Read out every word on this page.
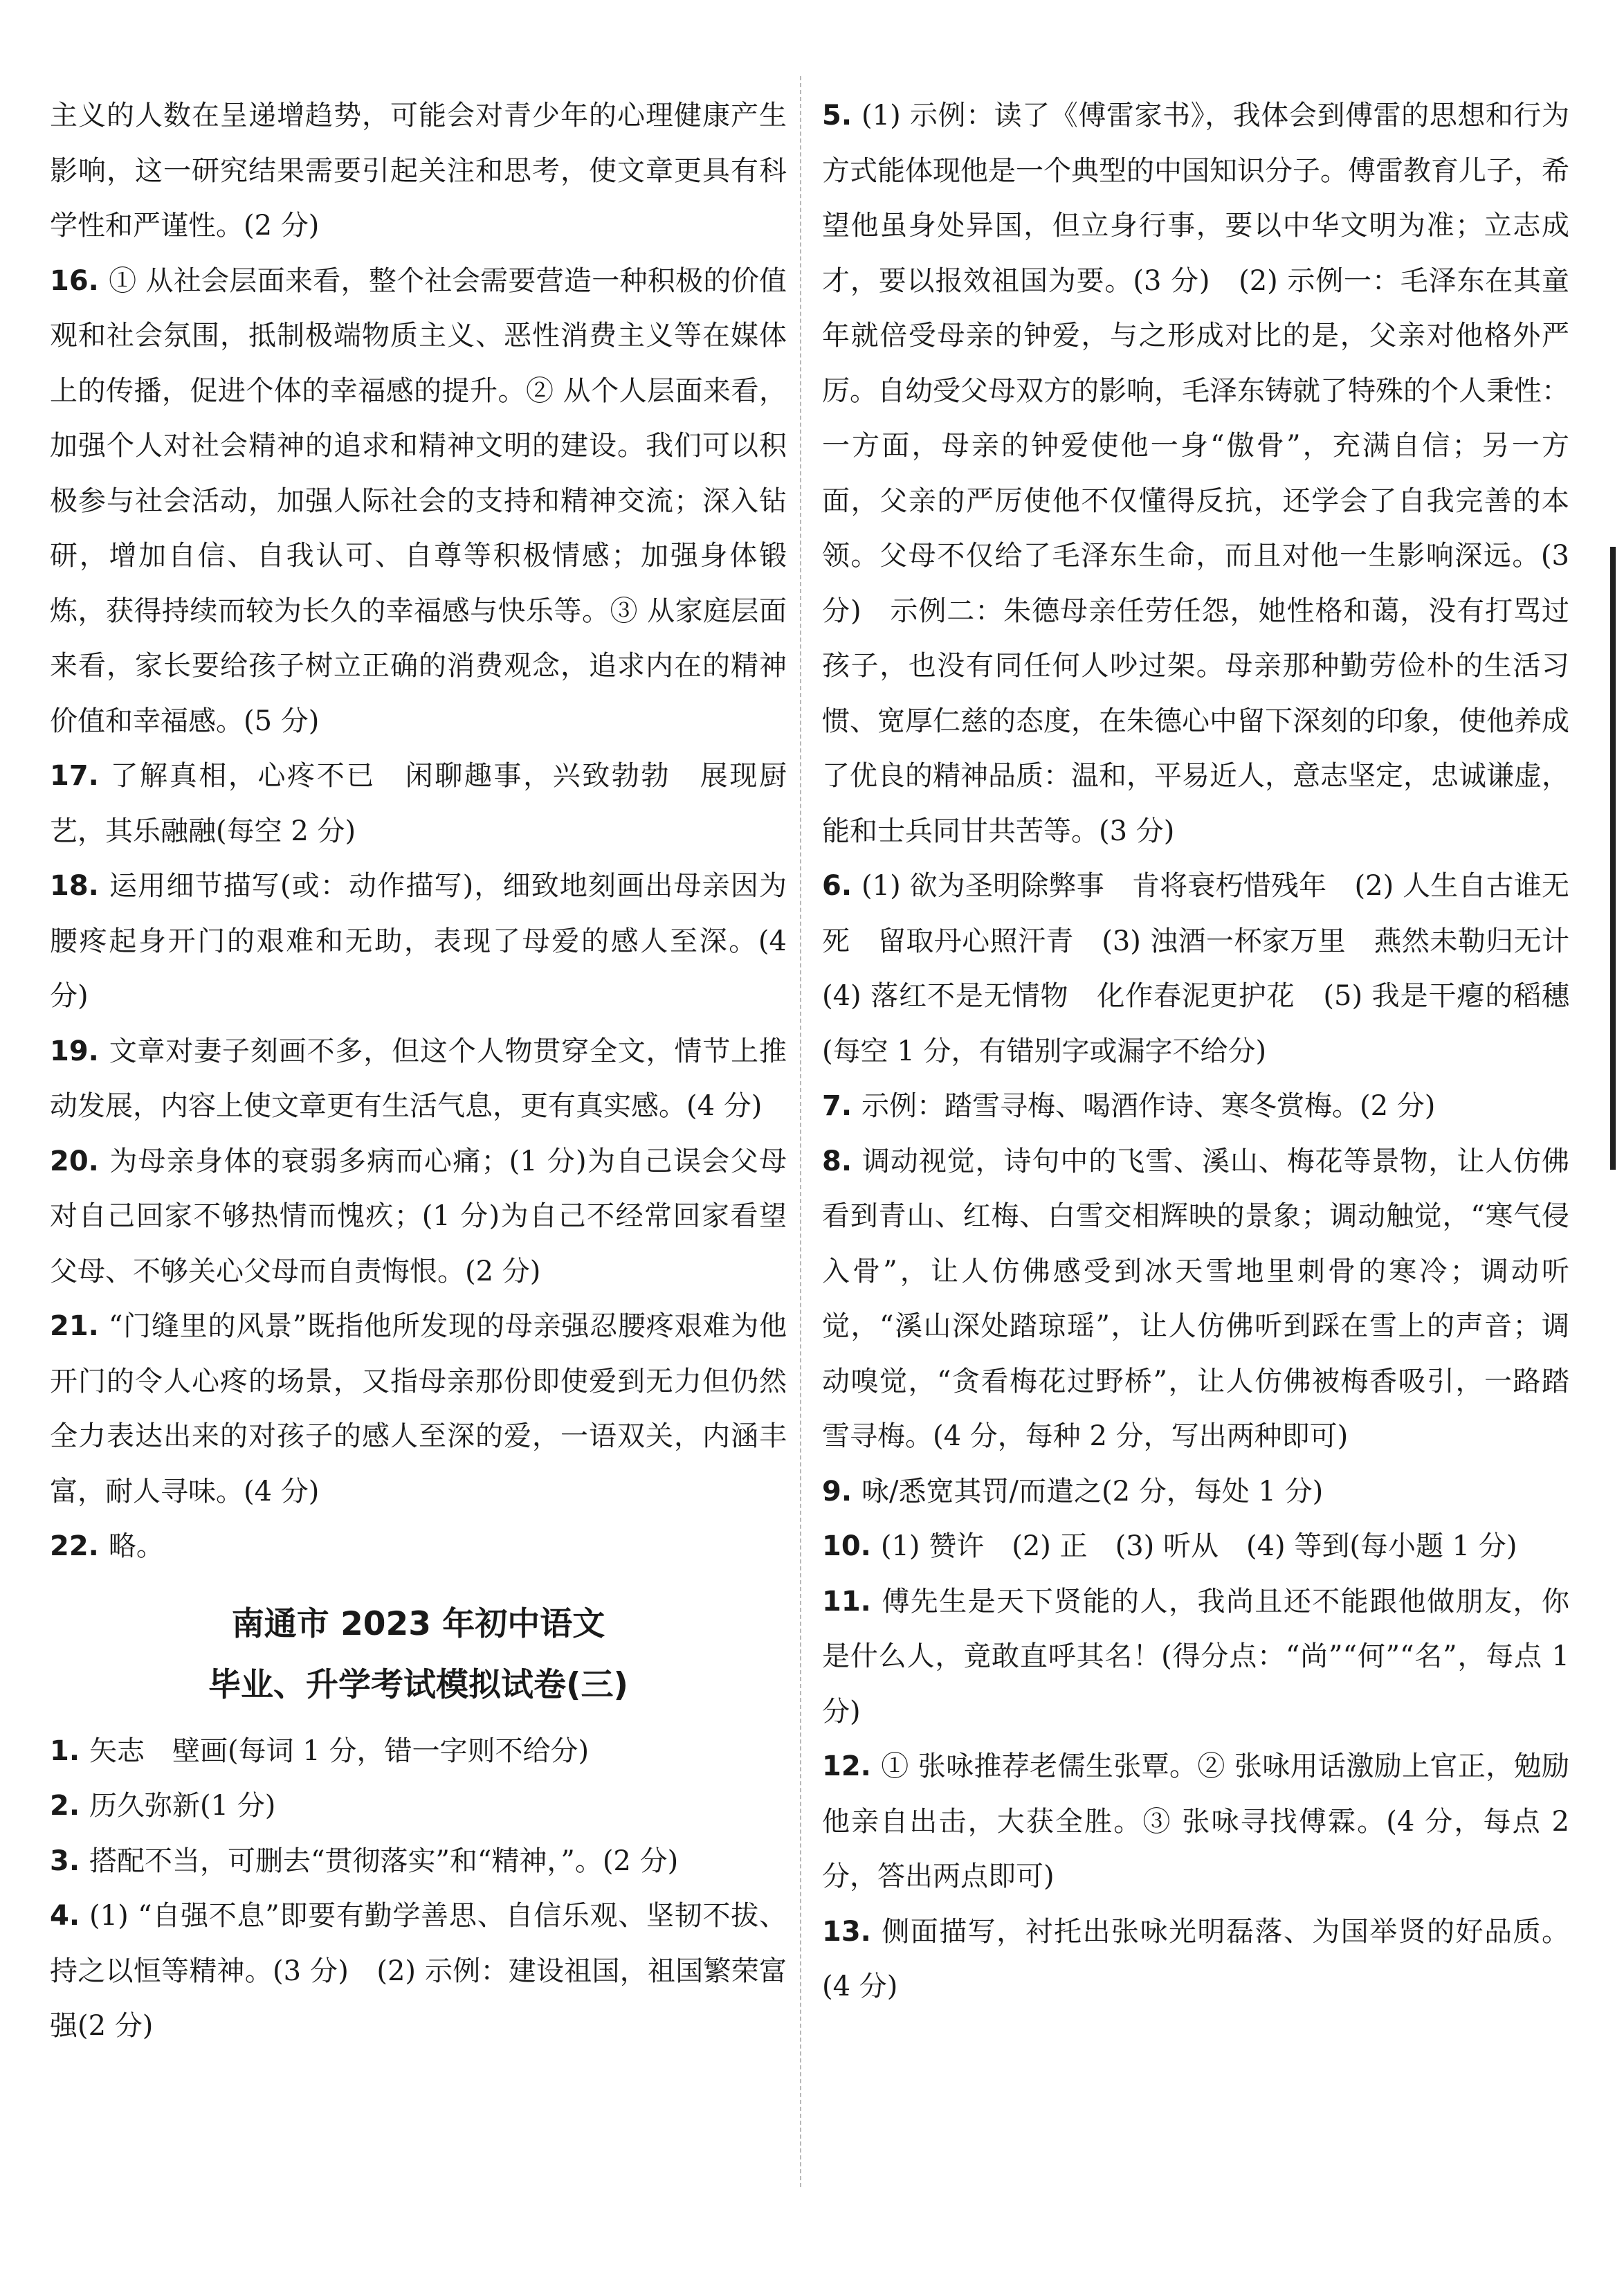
主义的人数在呈递增趋势，可能会对青少年的心理健康产生影响，这一研究结果需要引起关注和思考，使文章更具有科学性和严谨性。(2 分)

16. ① 从社会层面来看，整个社会需要营造一种积极的价值观和社会氛围，抵制极端物质主义、恶性消费主义等在媒体上的传播，促进个体的幸福感的提升。② 从个人层面来看，加强个人对社会精神的追求和精神文明的建设。我们可以积极参与社会活动，加强人际社会的支持和精神交流；深入钻研，增加自信、自我认可、自尊等积极情感；加强身体锻炼，获得持续而较为长久的幸福感与快乐等。③ 从家庭层面来看，家长要给孩子树立正确的消费观念，追求内在的精神价值和幸福感。(5 分)

17. 了解真相，心疼不已　闲聊趣事，兴致勃勃　展现厨艺，其乐融融(每空 2 分)

18. 运用细节描写(或：动作描写)，细致地刻画出母亲因为腰疼起身开门的艰难和无助，表现了母爱的感人至深。(4 分)

19. 文章对妻子刻画不多，但这个人物贯穿全文，情节上推动发展，内容上使文章更有生活气息，更有真实感。(4 分)

20. 为母亲身体的衰弱多病而心痛；(1 分)为自己误会父母对自己回家不够热情而愧疚；(1 分)为自己不经常回家看望父母、不够关心父母而自责悔恨。(2 分)

21. “门缝里的风景”既指他所发现的母亲强忍腰疼艰难为他开门的令人心疼的场景，又指母亲那份即使爱到无力但仍然全力表达出来的对孩子的感人至深的爱，一语双关，内涵丰富，耐人寻味。(4 分)

22. 略。

南通市 2023 年初中语文

毕业、升学考试模拟试卷(三)

1. 矢志　壁画(每词 1 分，错一字则不给分)

2. 历久弥新(1 分)

3. 搭配不当，可删去“贯彻落实”和“精神，”。(2 分)

4. (1) “自强不息”即要有勤学善思、自信乐观、坚韧不拔、持之以恒等精神。(3 分)　(2) 示例：建设祖国，祖国繁荣富强(2 分)

5. (1) 示例：读了《傅雷家书》，我体会到傅雷的思想和行为方式能体现他是一个典型的中国知识分子。傅雷教育儿子，希望他虽身处异国，但立身行事，要以中华文明为准；立志成才，要以报效祖国为要。(3 分)　(2) 示例一：毛泽东在其童年就倍受母亲的钟爱，与之形成对比的是，父亲对他格外严厉。自幼受父母双方的影响，毛泽东铸就了特殊的个人秉性：一方面，母亲的钟爱使他一身“傲骨”，充满自信；另一方面，父亲的严厉使他不仅懂得反抗，还学会了自我完善的本领。父母不仅给了毛泽东生命，而且对他一生影响深远。(3 分)　示例二：朱德母亲任劳任怨，她性格和蔼，没有打骂过孩子，也没有同任何人吵过架。母亲那种勤劳俭朴的生活习惯、宽厚仁慈的态度，在朱德心中留下深刻的印象，使他养成了优良的精神品质：温和，平易近人，意志坚定，忠诚谦虚，能和士兵同甘共苦等。(3 分)

6. (1) 欲为圣明除弊事　肯将衰朽惜残年　(2) 人生自古谁无死　留取丹心照汗青　(3) 浊酒一杯家万里　燕然未勒归无计　(4) 落红不是无情物　化作春泥更护花　(5) 我是干瘪的稻穗(每空 1 分，有错别字或漏字不给分)

7. 示例：踏雪寻梅、喝酒作诗、寒冬赏梅。(2 分)

8. 调动视觉，诗句中的飞雪、溪山、梅花等景物，让人仿佛看到青山、红梅、白雪交相辉映的景象；调动触觉，“寒气侵入骨”，让人仿佛感受到冰天雪地里刺骨的寒冷；调动听觉，“溪山深处踏琼瑶”，让人仿佛听到踩在雪上的声音；调动嗅觉，“贪看梅花过野桥”，让人仿佛被梅香吸引，一路踏雪寻梅。(4 分，每种 2 分，写出两种即可)

9. 咏/悉宽其罚/而遣之(2 分，每处 1 分)

10. (1) 赞许　(2) 正　(3) 听从　(4) 等到(每小题 1 分)

11. 傅先生是天下贤能的人，我尚且还不能跟他做朋友，你是什么人，竟敢直呼其名！(得分点：“尚”“何”“名”，每点 1 分)

12. ① 张咏推荐老儒生张覃。② 张咏用话激励上官正，勉励他亲自出击，大获全胜。③ 张咏寻找傅霖。(4 分，每点 2 分，答出两点即可)

13. 侧面描写，衬托出张咏光明磊落、为国举贤的好品质。(4 分)
